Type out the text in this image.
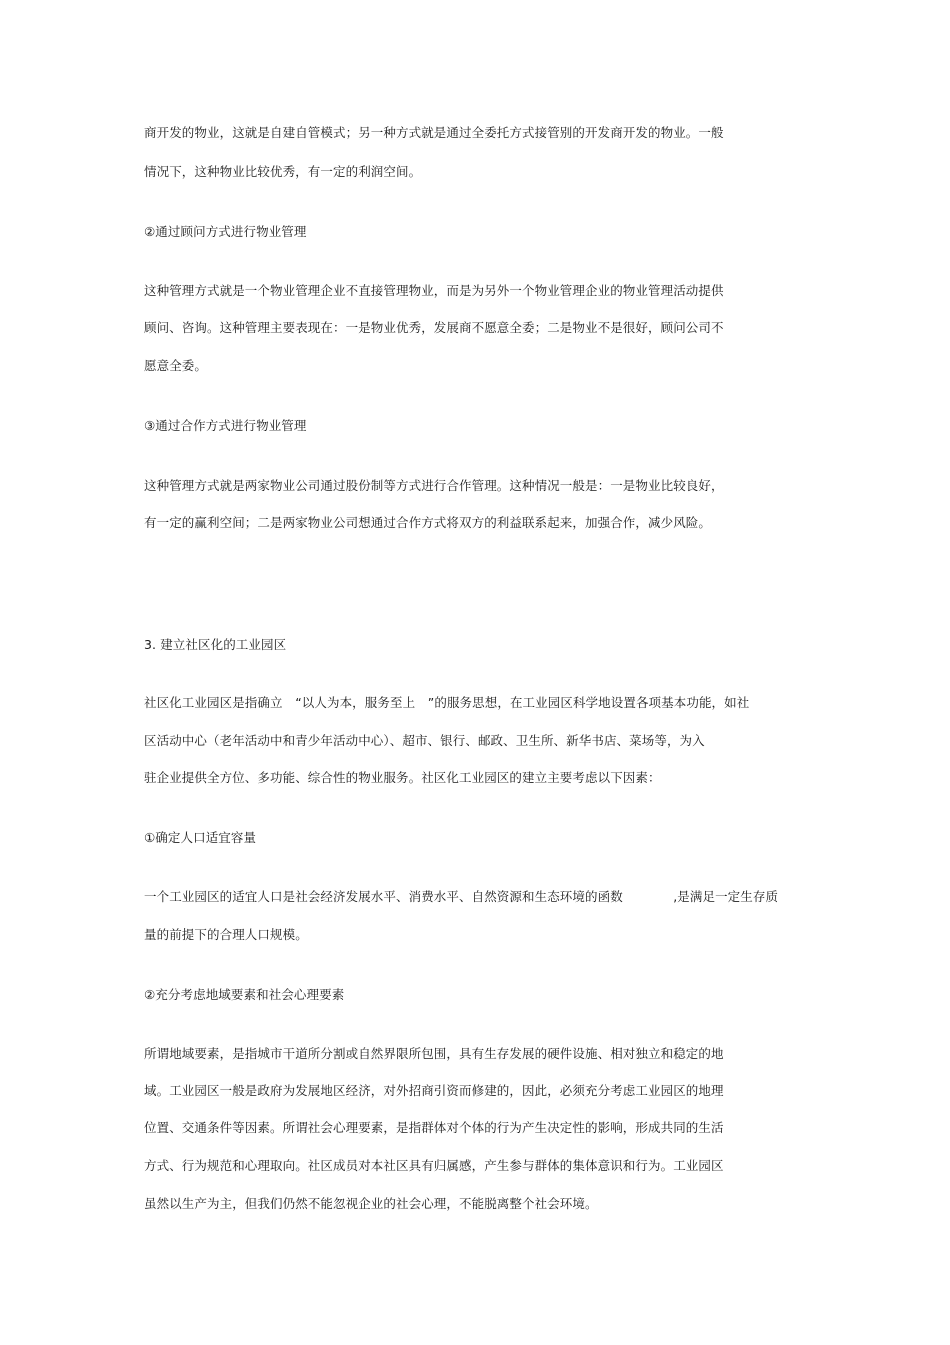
商开发的物业，这就是自建自管模式；另一种方式就是通过全委托方式接管别的开发商开发的物业。一般
情况下，这种物业比较优秀，有一定的利润空间。
②通过顾问方式进行物业管理
这种管理方式就是一个物业管理企业不直接管理物业，而是为另外一个物业管理企业的物业管理活动提供
顾问、咨询。这种管理主要表现在：一是物业优秀，发展商不愿意全委；二是物业不是很好，顾问公司不
愿意全委。
③通过合作方式进行物业管理
这种管理方式就是两家物业公司通过股份制等方式进行合作管理。这种情况一般是：一是物业比较良好，
有一定的赢利空间；二是两家物业公司想通过合作方式将双方的利益联系起来，加强合作，减少风险。
3. 建立社区化的工业园区
社区化工业园区是指确立　“以人为本，服务至上　”的服务思想，在工业园区科学地设置各项基本功能，如社
区活动中心（老年活动中和青少年活动中心）、超市、银行、邮政、卫生所、新华书店、菜场等，为入
驻企业提供全方位、多功能、综合性的物业服务。社区化工业园区的建立主要考虑以下因素：
①确定人口适宜容量
一个工业园区的适宜人口是社会经济发展水平、消费水平、自然资源和生态环境的函数　　　　,是满足一定生存质
量的前提下的合理人口规模。
②充分考虑地域要素和社会心理要素
所谓地域要素，是指城市干道所分割或自然界限所包围，具有生存发展的硬件设施、相对独立和稳定的地
域。工业园区一般是政府为发展地区经济，对外招商引资而修建的，因此，必须充分考虑工业园区的地理
位置、交通条件等因素。所谓社会心理要素，是指群体对个体的行为产生决定性的影响，形成共同的生活
方式、行为规范和心理取向。社区成员对本社区具有归属感，产生参与群体的集体意识和行为。工业园区
虽然以生产为主，但我们仍然不能忽视企业的社会心理，不能脱离整个社会环境。
